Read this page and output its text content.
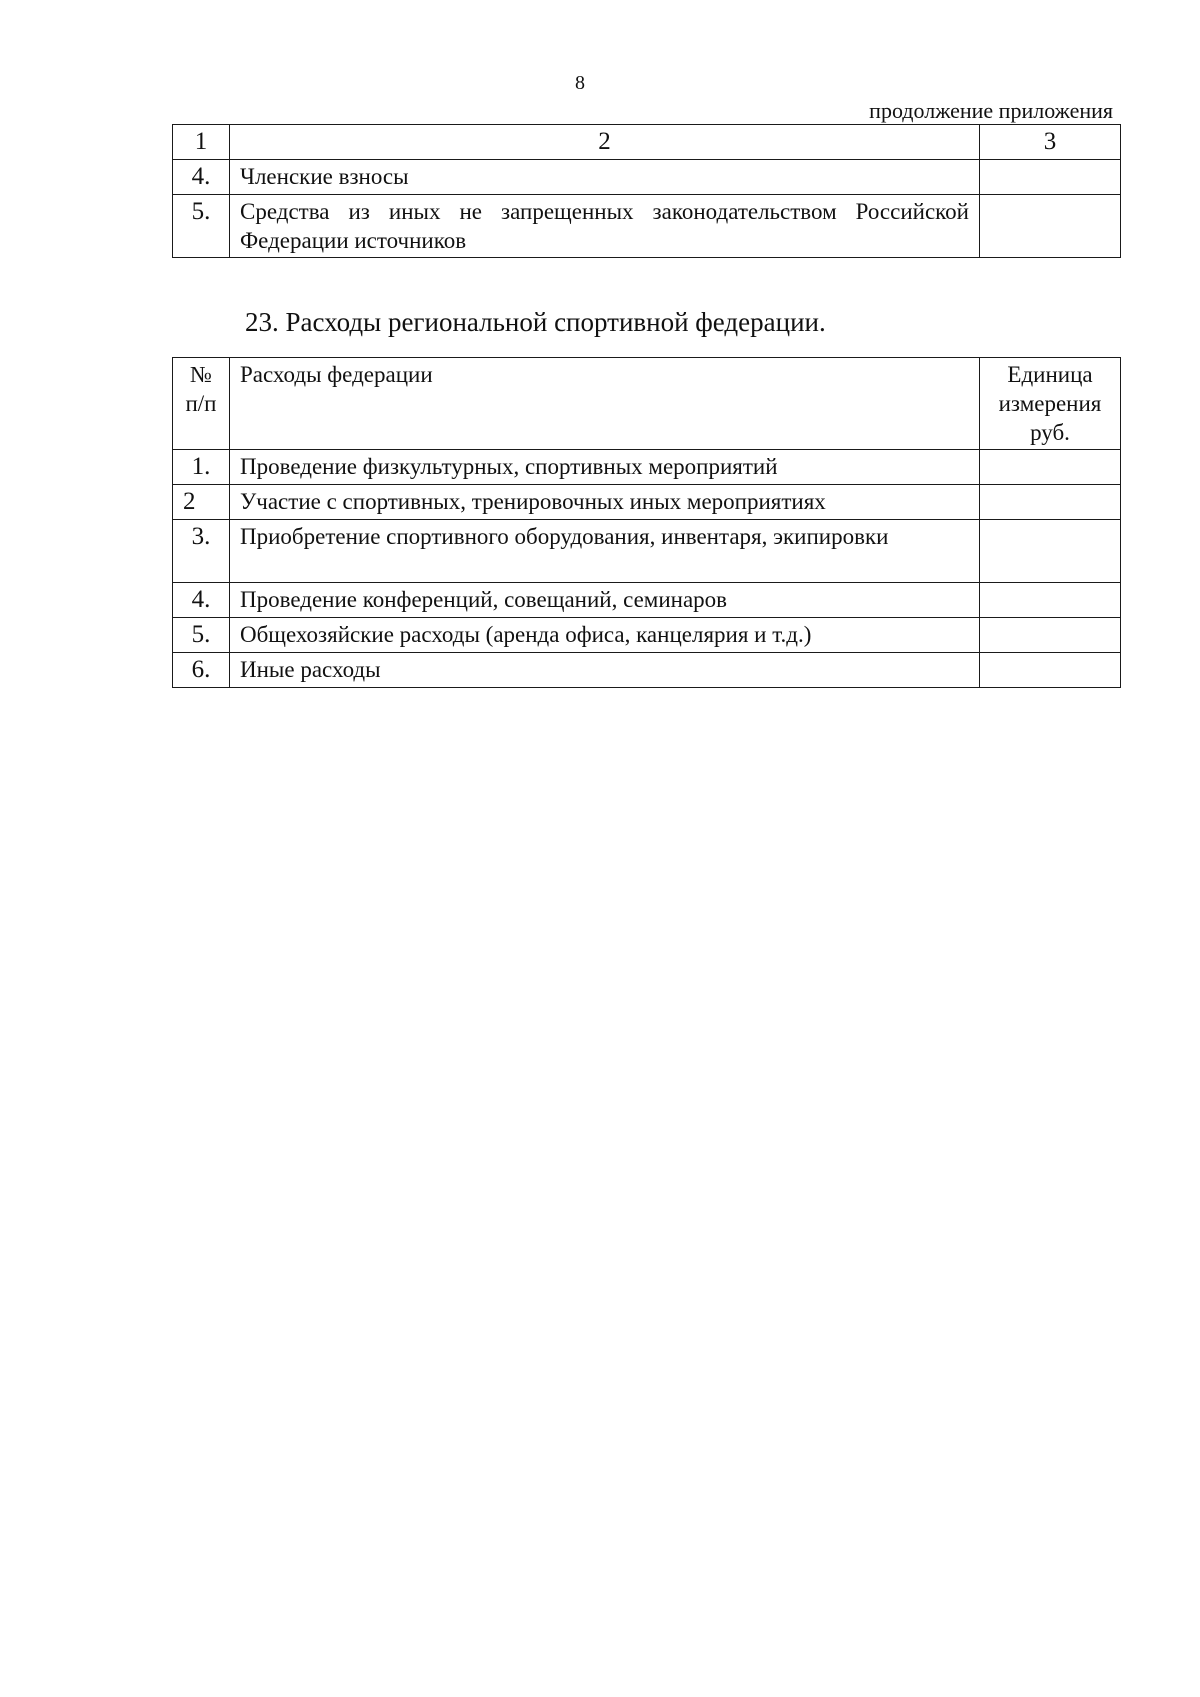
8
продолжение приложения
1	2	3
4.	Членские взносы	
5.	Средства из иных не запрещенных законодательством Российской Федерации источников	
23. Расходы региональной спортивной федерации.
№ п/п	Расходы федерации	Единица измерения руб.
1.	Проведение физкультурных, спортивных мероприятий	
2	Участие с спортивных, тренировочных иных мероприятиях	
3.	Приобретение спортивного оборудования, инвентаря, экипировки	
4.	Проведение конференций, совещаний, семинаров	
5.	Общехозяйские расходы (аренда офиса, канцелярия и т.д.)	
6.	Иные расходы	
